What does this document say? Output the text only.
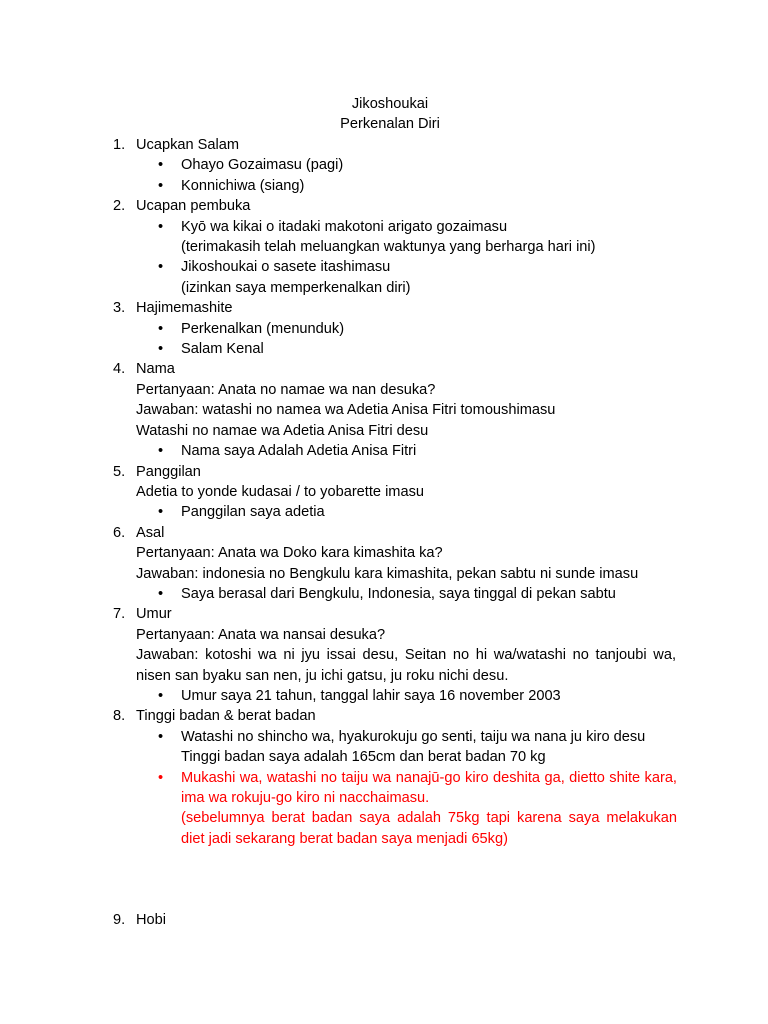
Jikoshoukai
Perkenalan Diri
1. Ucapkan Salam
• Ohayo Gozaimasu (pagi)
• Konnichiwa (siang)
2. Ucapan pembuka
• Kyō wa kikai o itadaki makotoni arigato gozaimasu
(terimakasih telah meluangkan waktunya yang berharga hari ini)
• Jikoshoukai o sasete itashimasu
(izinkan saya memperkenalkan diri)
3. Hajimemashite
• Perkenalkan (menunduk)
• Salam Kenal
4. Nama
Pertanyaan: Anata no namae wa nan desuka?
Jawaban: watashi no namea wa Adetia Anisa Fitri tomoushimasu
Watashi no namae wa Adetia Anisa Fitri desu
• Nama saya Adalah Adetia Anisa Fitri
5. Panggilan
Adetia to yonde kudasai / to yobarette imasu
• Panggilan saya adetia
6. Asal
Pertanyaan: Anata wa Doko kara kimashita ka?
Jawaban: indonesia no Bengkulu kara kimashita, pekan sabtu ni sunde imasu
• Saya berasal dari Bengkulu, Indonesia, saya tinggal di pekan sabtu
7. Umur
Pertanyaan: Anata wa nansai desuka?
Jawaban: kotoshi wa ni jyu issai desu, Seitan no hi wa/watashi no tanjoubi wa, nisen san byaku san nen, ju ichi gatsu, ju roku nichi desu.
• Umur saya 21 tahun, tanggal lahir saya 16 november 2003
8. Tinggi badan & berat badan
• Watashi no shincho wa, hyakurokuju go senti, taiju wa nana ju kiro desu
Tinggi badan saya adalah 165cm dan berat badan 70 kg
• Mukashi wa, watashi no taiju wa nanajū-go kiro deshita ga, dietto shite kara, ima wa rokuju-go kiro ni nacchaimasu.
(sebelumnya berat badan saya adalah 75kg tapi karena saya melakukan diet jadi sekarang berat badan saya menjadi 65kg)
9. Hobi
